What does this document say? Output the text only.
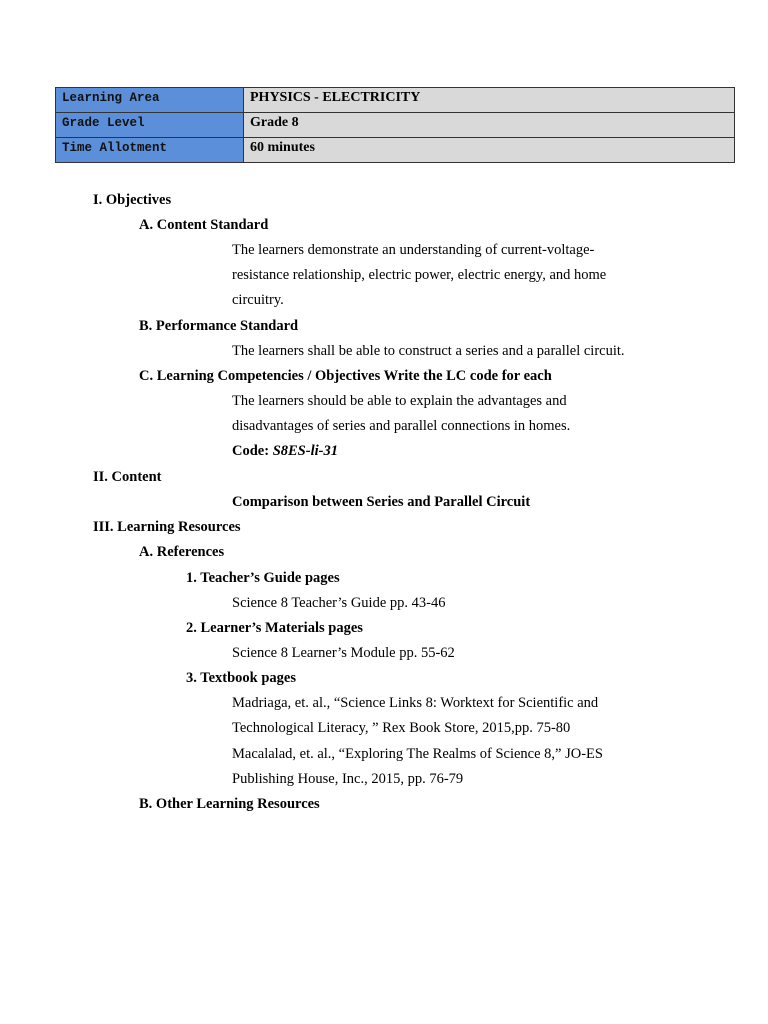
Learning Area	PHYSICS - ELECTRICITY
Grade Level	Grade 8
Time Allotment	60 minutes
I. Objectives
A. Content Standard
The learners demonstrate an understanding of current-voltage-
resistance relationship, electric power, electric energy, and home
circuitry.
B. Performance Standard
The learners shall be able to construct a series and a parallel circuit.
C. Learning Competencies / Objectives Write the LC code for each
The learners should be able to explain the advantages and
disadvantages of series and parallel connections in homes.
Code: S8ES-li-31
II. Content
Comparison between Series and Parallel Circuit
III. Learning Resources
A. References
1. Teacher’s Guide pages
Science 8 Teacher’s Guide pp. 43-46
2. Learner’s Materials pages
Science 8 Learner’s Module pp. 55-62
3. Textbook pages
Madriaga, et. al., “Science Links 8: Worktext for Scientific and
Technological Literacy, ” Rex Book Store, 2015,pp. 75-80
Macalalad, et. al., “Exploring The Realms of Science 8,” JO-ES
Publishing House, Inc., 2015, pp. 76-79
B. Other Learning Resources
